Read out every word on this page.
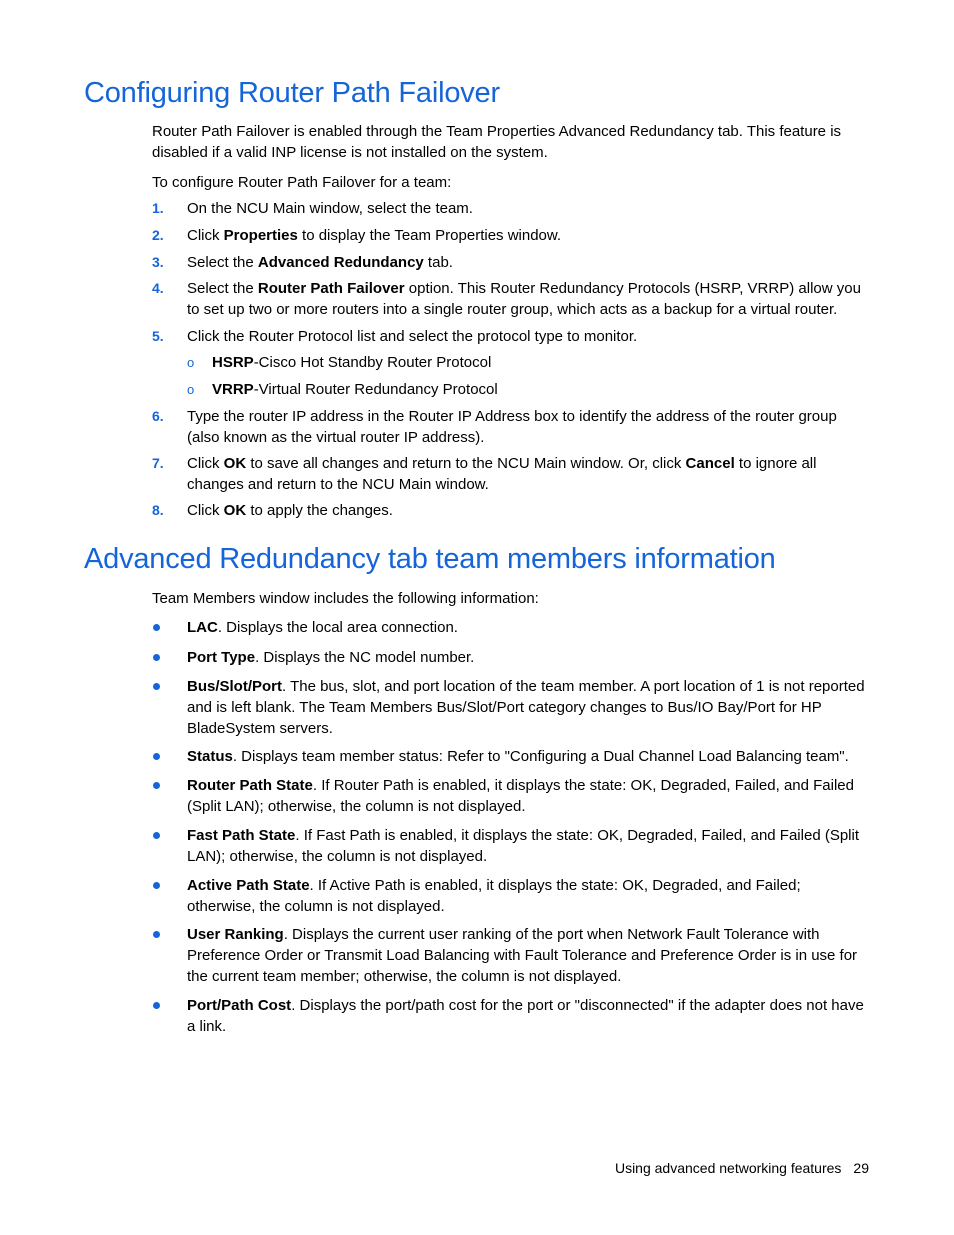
Configuring Router Path Failover

Router Path Failover is enabled through the Team Properties Advanced Redundancy tab. This feature is disabled if a valid INP license is not installed on the system.

To configure Router Path Failover for a team:

1. On the NCU Main window, select the team.
2. Click Properties to display the Team Properties window.
3. Select the Advanced Redundancy tab.
4. Select the Router Path Failover option. This Router Redundancy Protocols (HSRP, VRRP) allow you to set up two or more routers into a single router group, which acts as a backup for a virtual router.
5. Click the Router Protocol list and select the protocol type to monitor.
o HSRP-Cisco Hot Standby Router Protocol
o VRRP-Virtual Router Redundancy Protocol
6. Type the router IP address in the Router IP Address box to identify the address of the router group (also known as the virtual router IP address).
7. Click OK to save all changes and return to the NCU Main window. Or, click Cancel to ignore all changes and return to the NCU Main window.
8. Click OK to apply the changes.
Advanced Redundancy tab team members information

Team Members window includes the following information:

LAC. Displays the local area connection.
Port Type. Displays the NC model number.
Bus/Slot/Port. The bus, slot, and port location of the team member. A port location of 1 is not reported and is left blank. The Team Members Bus/Slot/Port category changes to Bus/IO Bay/Port for HP BladeSystem servers.
Status. Displays team member status: Refer to "Configuring a Dual Channel Load Balancing team".
Router Path State. If Router Path is enabled, it displays the state: OK, Degraded, Failed, and Failed (Split LAN); otherwise, the column is not displayed.
Fast Path State. If Fast Path is enabled, it displays the state: OK, Degraded, Failed, and Failed (Split LAN); otherwise, the column is not displayed.
Active Path State. If Active Path is enabled, it displays the state: OK, Degraded, and Failed; otherwise, the column is not displayed.
User Ranking. Displays the current user ranking of the port when Network Fault Tolerance with Preference Order or Transmit Load Balancing with Fault Tolerance and Preference Order is in use for the current team member; otherwise, the column is not displayed.
Port/Path Cost. Displays the port/path cost for the port or "disconnected" if the adapter does not have a link.
Using advanced networking features 29
